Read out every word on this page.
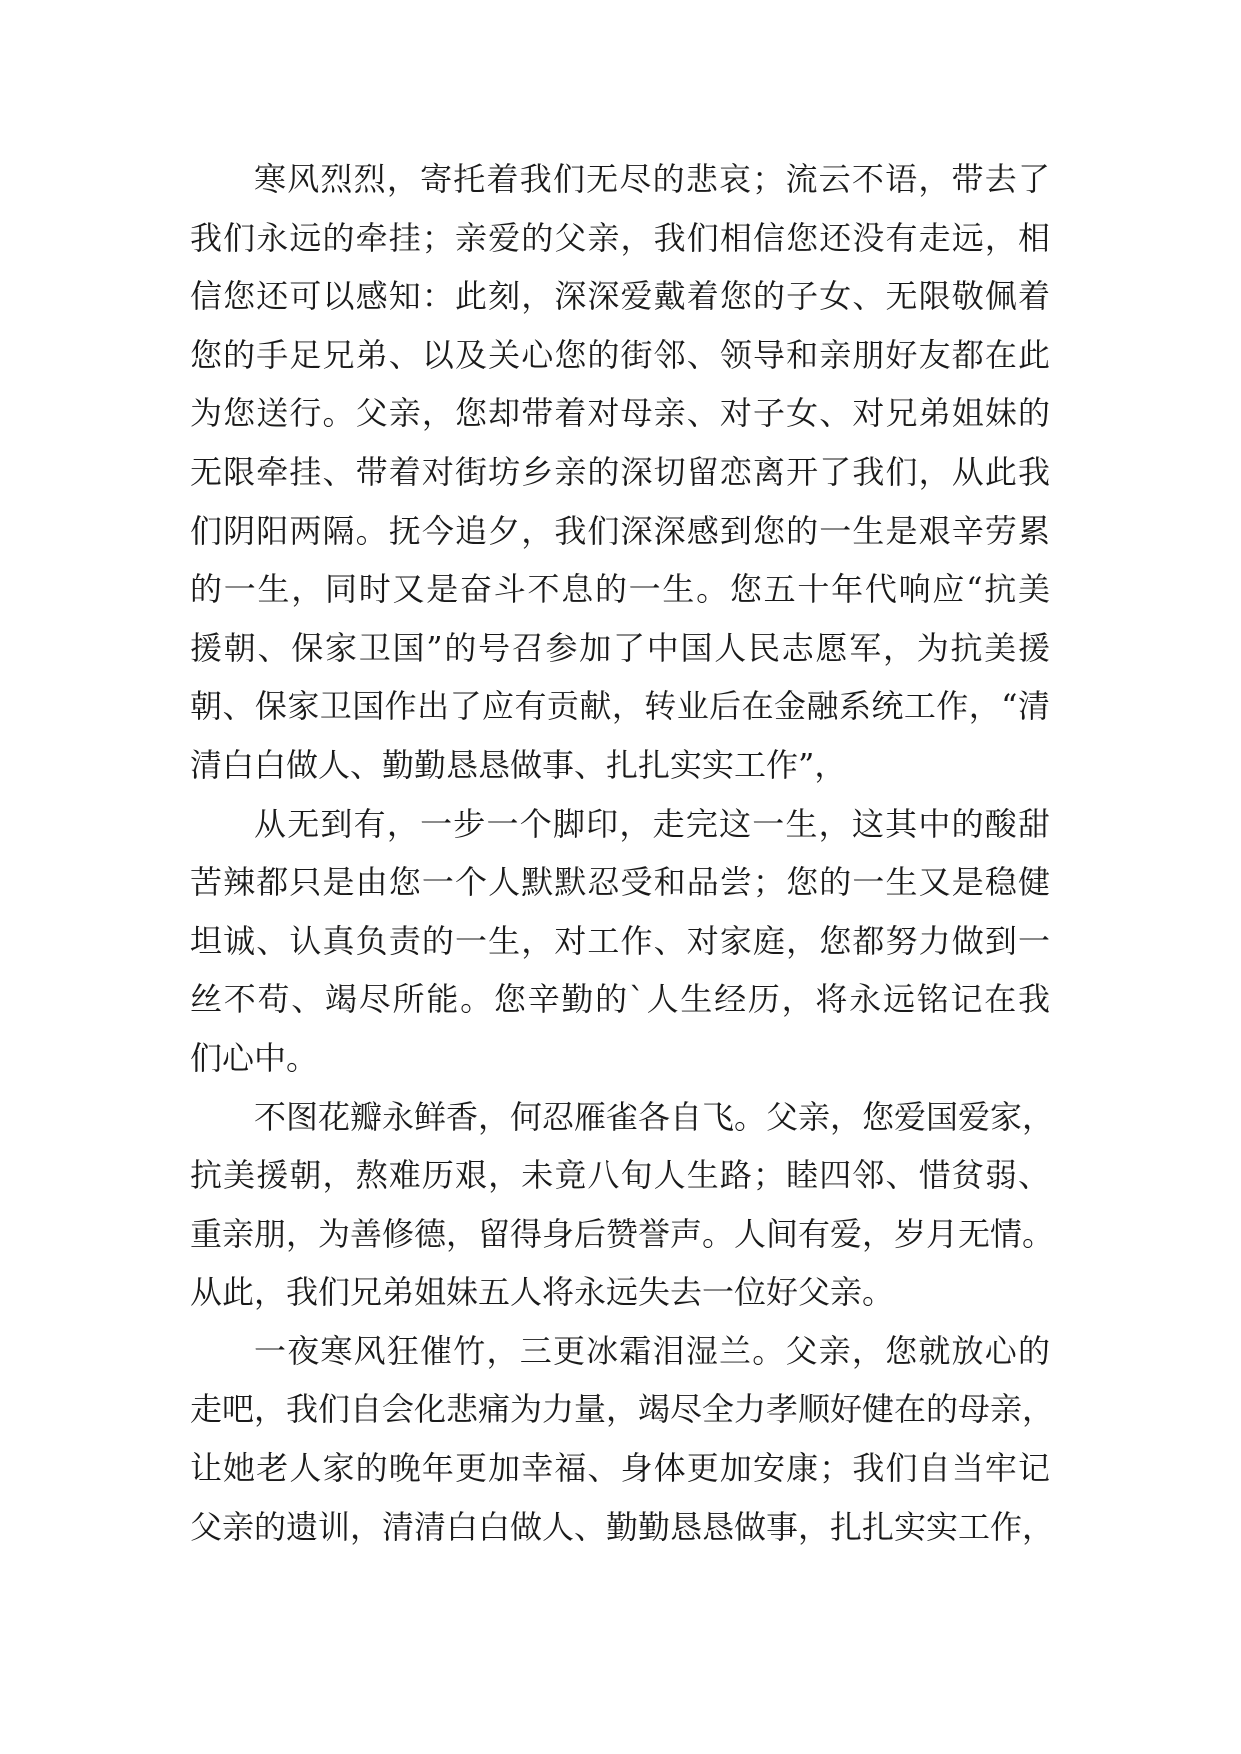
寒风烈烈，寄托着我们无尽的悲哀；流云不语，带去了
我们永远的牵挂；亲爱的父亲，我们相信您还没有走远，相
信您还可以感知：此刻，深深爱戴着您的子女、无限敬佩着
您的手足兄弟、以及关心您的街邻、领导和亲朋好友都在此
为您送行。父亲，您却带着对母亲、对子女、对兄弟姐妹的
无限牵挂、带着对街坊乡亲的深切留恋离开了我们，从此我
们阴阳两隔。抚今追夕，我们深深感到您的一生是艰辛劳累
的一生，同时又是奋斗不息的一生。您五十年代响应“抗美
援朝、保家卫国”的号召参加了中国人民志愿军，为抗美援
朝、保家卫国作出了应有贡献，转业后在金融系统工作，“清
清白白做人、勤勤恳恳做事、扎扎实实工作”，
从无到有，一步一个脚印，走完这一生，这其中的酸甜
苦辣都只是由您一个人默默忍受和品尝；您的一生又是稳健
坦诚、认真负责的一生，对工作、对家庭，您都努力做到一
丝不苟、竭尽所能。您辛勤的`人生经历，将永远铭记在我
们心中。
不图花瓣永鲜香，何忍雁雀各自飞。父亲，您爱国爱家，
抗美援朝，熬难历艰，未竟八旬人生路；睦四邻、惜贫弱、
重亲朋，为善修德，留得身后赞誉声。人间有爱，岁月无情。
从此，我们兄弟姐妹五人将永远失去一位好父亲。
一夜寒风狂催竹，三更冰霜泪湿兰。父亲，您就放心的
走吧，我们自会化悲痛为力量，竭尽全力孝顺好健在的母亲，
让她老人家的晚年更加幸福、身体更加安康；我们自当牢记
父亲的遗训，清清白白做人、勤勤恳恳做事，扎扎实实工作，
